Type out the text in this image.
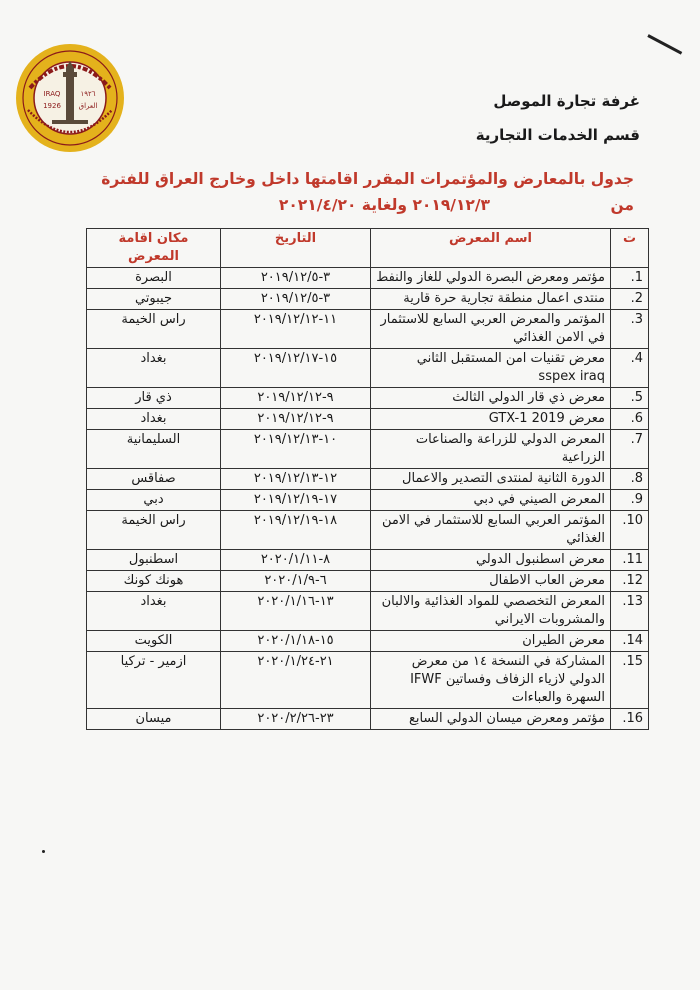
IRAQ
1926
١٩٢٦
العراق	غرفة تجارة الموصل
قسم الخدمات التجارية
جدول بالمعارض والمؤتمرات المقرر اقامتها داخل وخارج العراق للفترة من
٢٠١٩/١٢/٣ ولغاية ٢٠٢١/٤/٢٠
ت	اسم المعرض	التاريخ	مكان اقامة المعرض
1.	مؤتمر ومعرض البصرة الدولي للغاز والنفط	٣-٢٠١٩/١٢/٥	البصرة
2.	منتدى اعمال منطقة تجارية حرة قارية	٣-٢٠١٩/١٢/٥	جيبوتي
3.	المؤتمر والمعرض العربي السابع للاستثمار في الامن الغذائي	١١-٢٠١٩/١٢/١٢	راس الخيمة
4.	معرض تقنيات امن المستقبل الثاني sspex iraq	١٥-٢٠١٩/١٢/١٧	بغداد
5.	معرض ذي قار الدولي الثالث	٩-٢٠١٩/١٢/١٢	ذي قار
6.	معرض GTX-1 2019	٩-٢٠١٩/١٢/١٢	بغداد
7.	المعرض الدولي للزراعة والصناعات الزراعية	١٠-٢٠١٩/١٢/١٣	السليمانية
8.	الدورة الثانية لمنتدى التصدير والاعمال	١٢-٢٠١٩/١٢/١٣	صفاقس
9.	المعرض الصيني في دبي	١٧-٢٠١٩/١٢/١٩	دبي
10.	المؤتمر العربي السابع للاستثمار في الامن الغذائي	١٨-٢٠١٩/١٢/١٩	راس الخيمة
11.	معرض اسطنبول الدولي	٨-٢٠٢٠/١/١١	اسطنبول
12.	معرض العاب الاطفال	٦-٢٠٢٠/١/٩	هونك كونك
13.	المعرض التخصصي للمواد الغذائية والالبان والمشروبات الايراني	١٣-٢٠٢٠/١/١٦	بغداد
14.	معرض الطيران	١٥-٢٠٢٠/١/١٨	الكويت
15.	المشاركة في النسخة ١٤ من معرض الدولي لازياء الزفاف وفساتين IFWF السهرة والعباءات	٢١-٢٠٢٠/١/٢٤	ازمير - تركيا
16.	مؤتمر ومعرض ميسان الدولي السابع	٢٣-٢٠٢٠/٢/٢٦	ميسان
